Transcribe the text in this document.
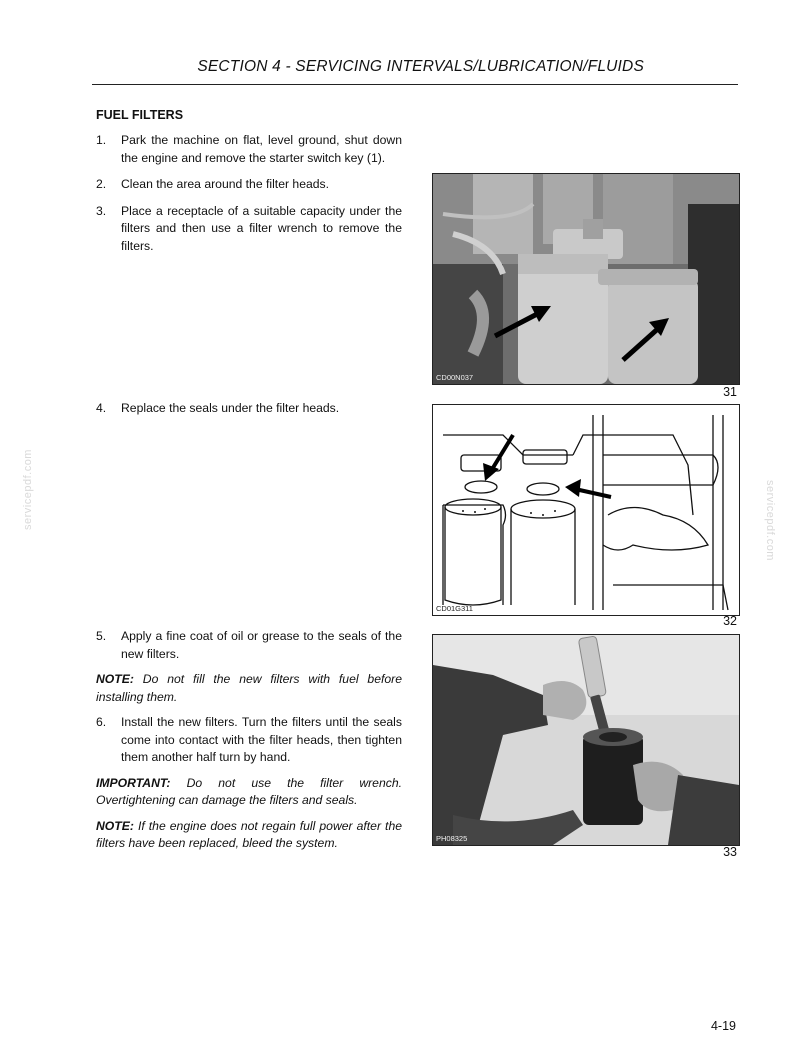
SECTION 4 - SERVICING INTERVALS/LUBRICATION/FLUIDS
FUEL FILTERS
1.	Park the machine on flat, level ground, shut down the engine and remove the starter switch key (1).
2.	Clean the area around the filter heads.
3.	Place a receptacle of a suitable capacity under the filters and then use a filter wrench to remove the filters.
4.	Replace the seals under the filter heads.
5.	Apply a fine coat of oil or grease to the seals of the new filters.

NOTE: Do not fill the new filters with fuel before installing them.

6.	Install the new filters. Turn the filters until the seals come into contact with the filter heads, then tighten them another half turn by hand.

IMPORTANT: Do not use the filter wrench. Overtightening can damage the filters and seals.

NOTE: If the engine does not regain full power after the filters have been replaced, bleed the system.

CD00N037
31
CD01G311
32
PH08325
33
servicepdf.com	servicepdf.com
4-19
